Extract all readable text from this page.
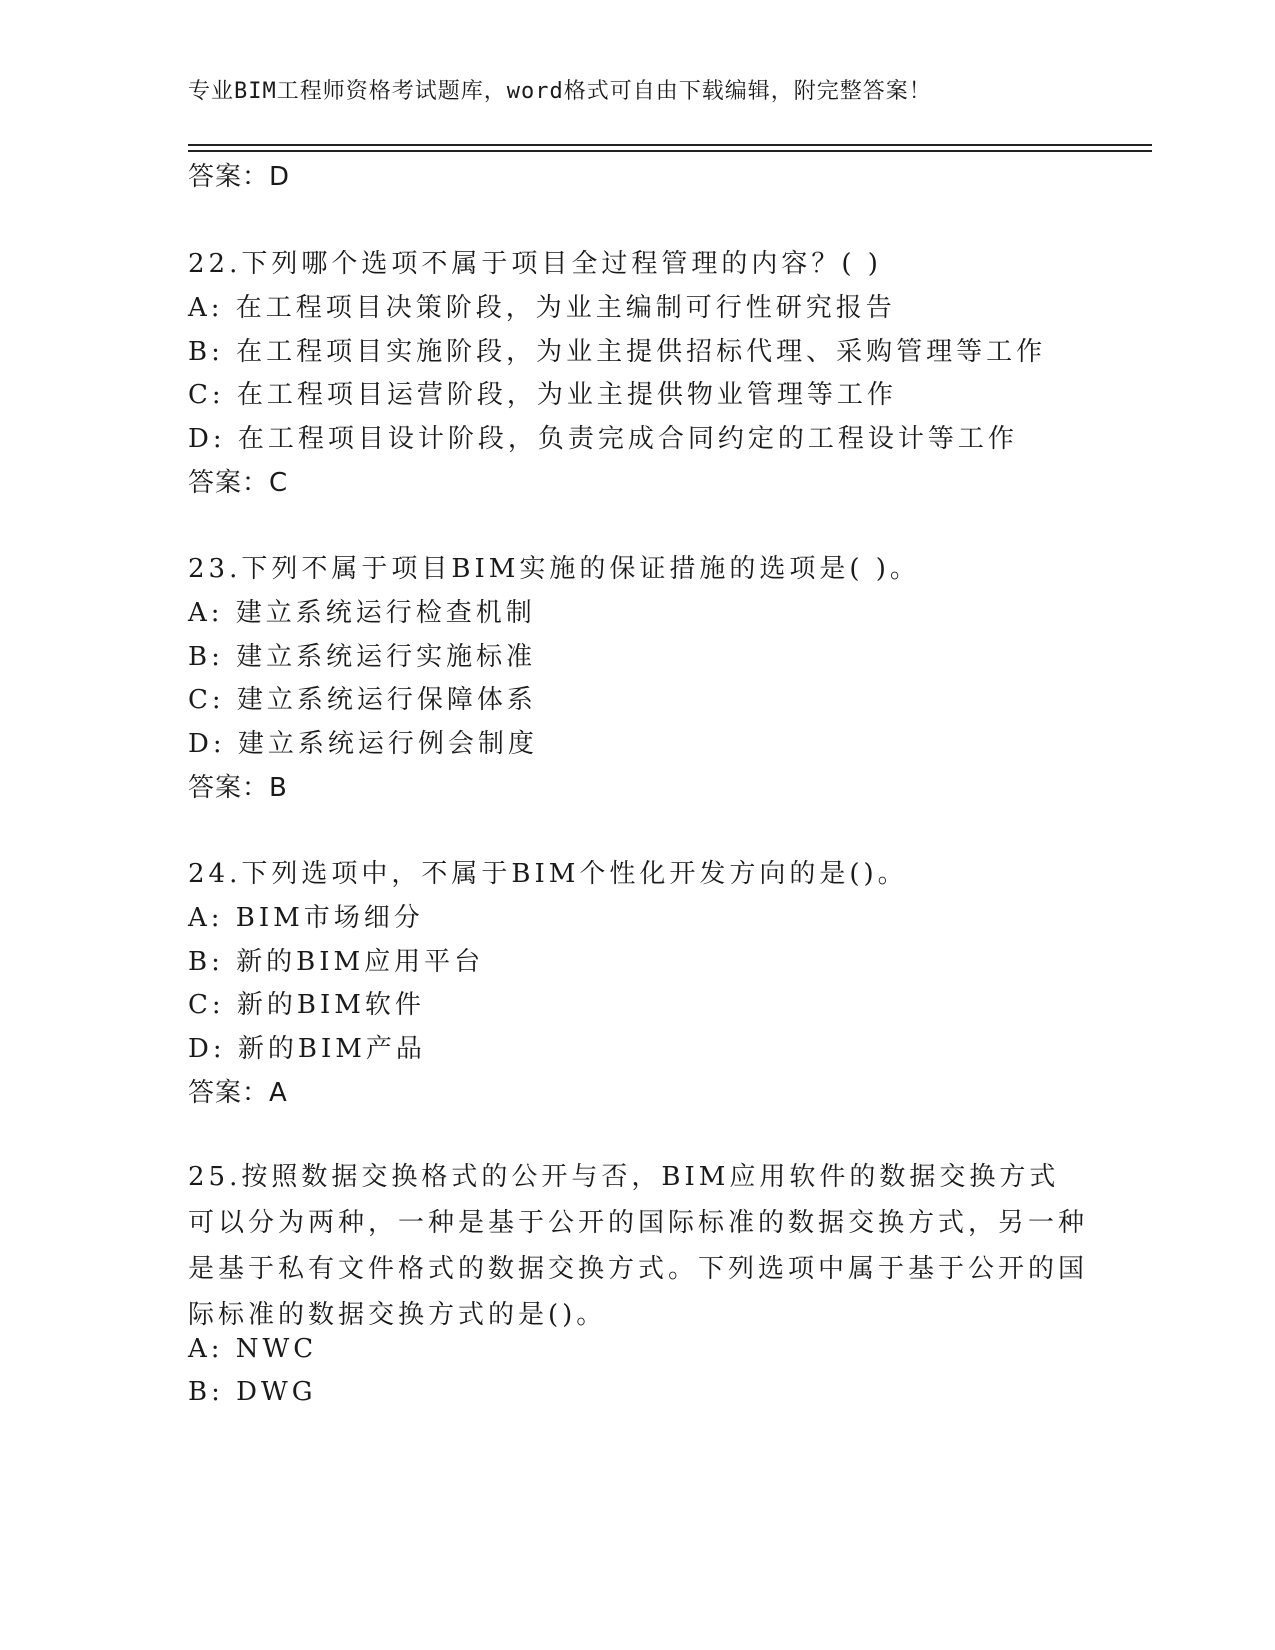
专业BIM工程师资格考试题库，word格式可自由下载编辑，附完整答案！
答案：D
22.下列哪个选项不属于项目全过程管理的内容？( )
A: 在工程项目决策阶段，为业主编制可行性研究报告
B: 在工程项目实施阶段，为业主提供招标代理、采购管理等工作
C: 在工程项目运营阶段，为业主提供物业管理等工作
D: 在工程项目设计阶段，负责完成合同约定的工程设计等工作
答案：C
23.下列不属于项目BIM实施的保证措施的选项是( )。
A: 建立系统运行检查机制
B: 建立系统运行实施标准
C: 建立系统运行保障体系
D: 建立系统运行例会制度
答案：B
24.下列选项中，不属于BIM个性化开发方向的是()。
A: BIM市场细分
B: 新的BIM应用平台
C: 新的BIM软件
D: 新的BIM产品
答案：A
25.按照数据交换格式的公开与否，BIM应用软件的数据交换方式可以分为两种，一种是基于公开的国际标准的数据交换方式，另一种是基于私有文件格式的数据交换方式。下列选项中属于基于公开的国际标准的数据交换方式的是()。
A: NWC
B: DWG
